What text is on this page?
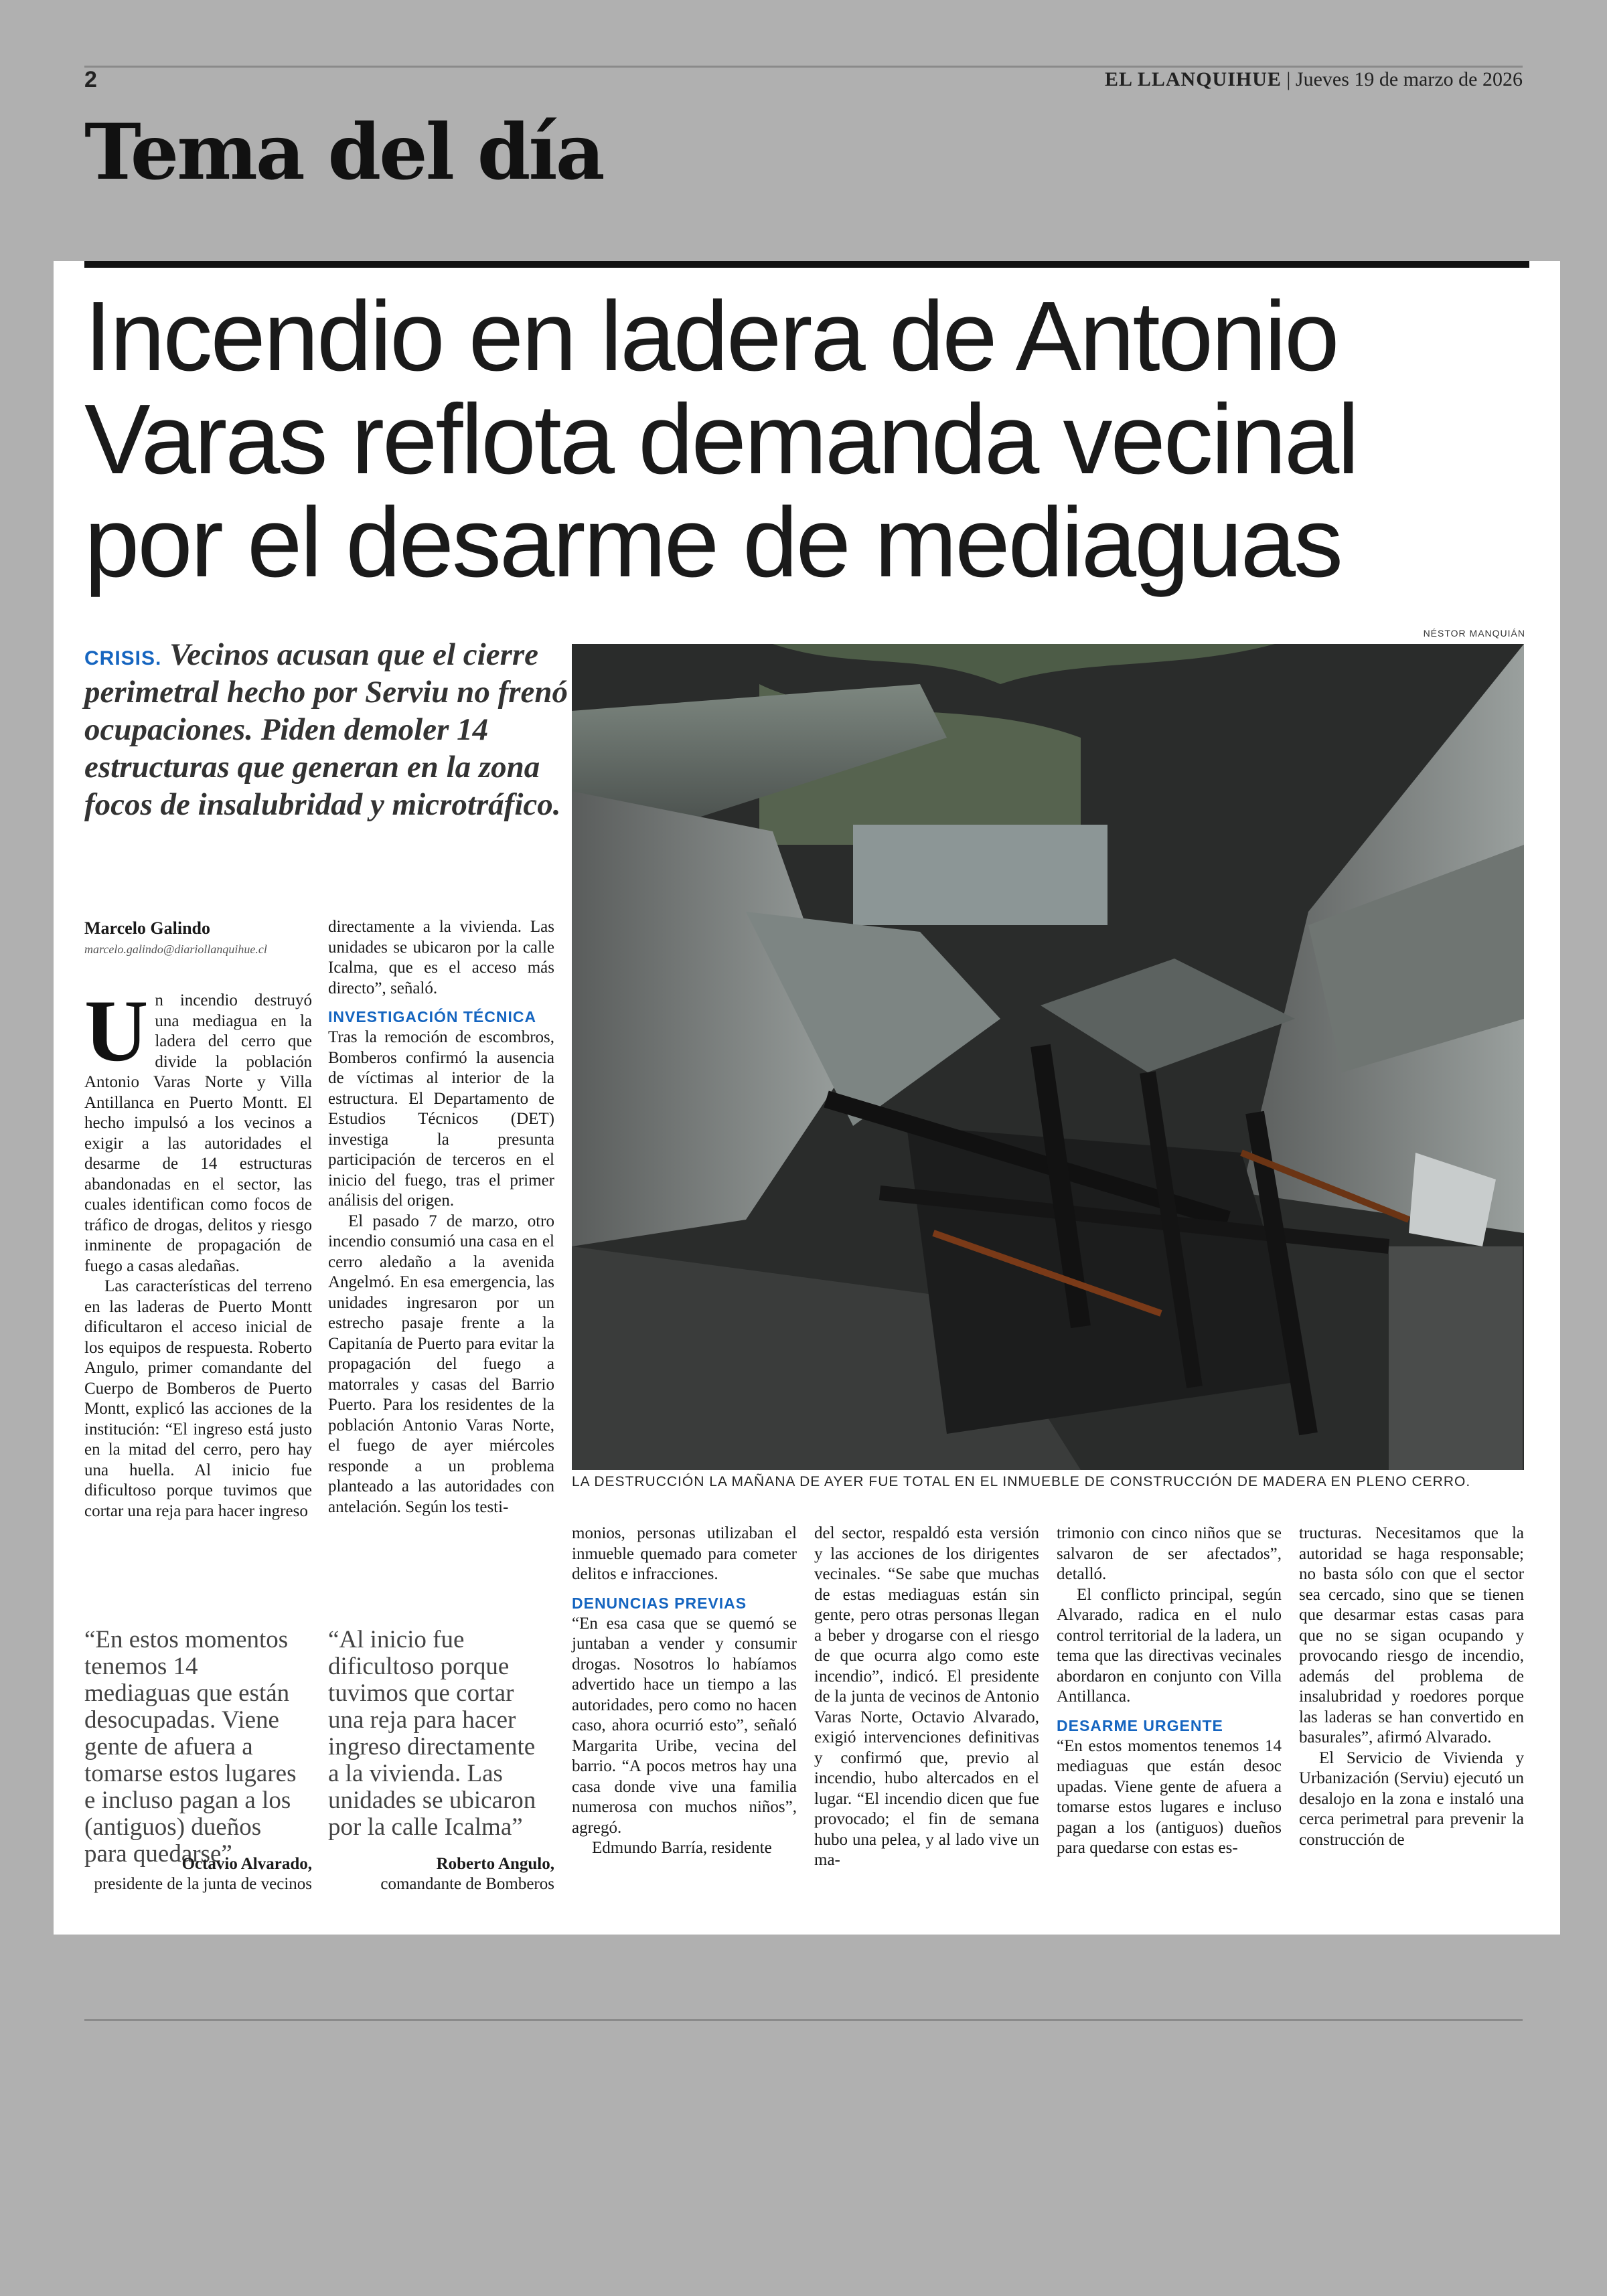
2	EL LLANQUIHUE | Jueves 19 de marzo de 2026
Tema del día
Incendio en ladera de Antonio
Varas reflota demanda vecinal
por el desarme de mediaguas
NÉSTOR MANQUIÁN
CRISIS. Vecinos acusan que el cierre perimetral hecho por Serviu no frenó ocupaciones. Piden demoler 14 estructuras que generan en la zona focos de insalubridad y microtráfico.
LA DESTRUCCIÓN LA MAÑANA DE AYER FUE TOTAL EN EL INMUEBLE DE CONSTRUCCIÓN DE MADERA EN PLENO CERRO.
Marcelo Galindo
marcelo.galindo@diariollanquihue.cl
U n incendio destruyó una mediagua en la ladera del cerro que divide la población Antonio Varas Norte y Villa Antillanca en Puerto Montt. El hecho impulsó a los vecinos a exigir a las autoridades el desarme de 14 estructuras abandonadas en el sector, las cuales identifican como focos de tráfico de drogas, delitos y riesgo inminente de propagación de fuego a casas aledañas.

Las características del terreno en las laderas de Puerto Montt dificultaron el acceso inicial de los equipos de respuesta. Roberto Angulo, primer comandante del Cuerpo de Bomberos de Puerto Montt, explicó las acciones de la institución: “El ingreso está justo en la mitad del cerro, pero hay una huella. Al inicio fue dificultoso porque tuvimos que cortar una reja para hacer ingreso

directamente a la vivienda. Las unidades se ubicaron por la calle Icalma, que es el acceso más directo”, señaló.

INVESTIGACIÓN TÉCNICA

Tras la remoción de escombros, Bomberos confirmó la ausencia de víctimas al interior de la estructura. El Departamento de Estudios Técnicos (DET) investiga la presunta participación de terceros en el inicio del fuego, tras el primer análisis del origen.

El pasado 7 de marzo, otro incendio consumió una casa en el cerro aledaño a la avenida Angelmó. En esa emergencia, las unidades ingresaron por un estrecho pasaje frente a la Capitanía de Puerto para evitar la propagación del fuego a matorrales y casas del Barrio Puerto. Para los residentes de la población Antonio Varas Norte, el fuego de ayer miércoles responde a un problema planteado a las autoridades con antelación. Según los testi-

“En estos momentos tenemos 14 mediaguas que están desocupadas. Viene gente de afuera a tomarse estos lugares e incluso pagan a los (antiguos) dueños para quedarse”
Octavio Alvarado,
presidente de la junta de vecinos
“Al inicio fue dificultoso porque tuvimos que cortar una reja para hacer ingreso directamente a la vivienda. Las unidades se ubicaron por la calle Icalma”
Roberto Angulo,
comandante de Bomberos

monios, personas utilizaban el inmueble quemado para cometer delitos e infracciones.

DENUNCIAS PREVIAS

“En esa casa que se quemó se juntaban a vender y consumir drogas. Nosotros lo habíamos advertido hace un tiempo a las autoridades, pero como no hacen caso, ahora ocurrió esto”, señaló Margarita Uribe, vecina del barrio. “A pocos metros hay una casa donde vive una familia numerosa con muchos niños”, agregó.

Edmundo Barría, residente

del sector, respaldó esta versión y las acciones de los dirigentes vecinales. “Se sabe que muchas de estas mediaguas están sin gente, pero otras personas llegan a beber y drogarse con el riesgo de que ocurra algo como este incendio”, indicó. El presidente de la junta de vecinos de Antonio Varas Norte, Octavio Alvarado, exigió intervenciones definitivas y confirmó que, previo al incendio, hubo altercados en el lugar. “El incendio dicen que fue provocado; el fin de semana hubo una pelea, y al lado vive un ma-

trimonio con cinco niños que se salvaron de ser afectados”, detalló.

El conflicto principal, según Alvarado, radica en el nulo control territorial de la ladera, un tema que las directivas vecinales abordaron en conjunto con Villa Antillanca.

DESARME URGENTE

“En estos momentos tenemos 14 mediaguas que están desoc upadas. Viene gente de afuera a tomarse estos lugares e incluso pagan a los (antiguos) dueños para quedarse con estas es-

tructuras. Necesitamos que la autoridad se haga responsable; no basta sólo con que el sector sea cercado, sino que se tienen que desarmar estas casas para que no se sigan ocupando y provocando riesgo de incendio, además del problema de insalubridad y roedores porque las laderas se han convertido en basurales”, afirmó Alvarado.

El Servicio de Vivienda y Urbanización (Serviu) ejecutó un desalojo en la zona e instaló una cerca perimetral para prevenir la construcción de
